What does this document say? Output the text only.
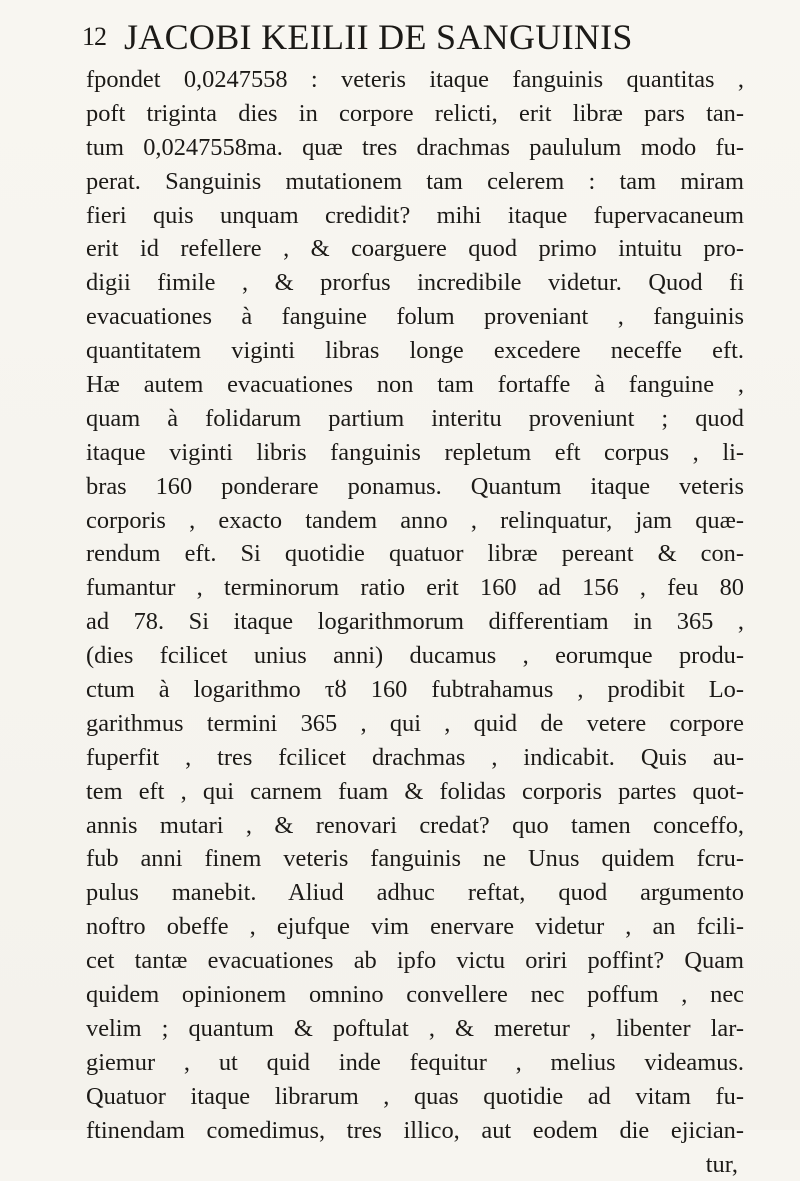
12 JACOBI KEILII DE SANGUINIS
fpondet 0,0247558 : veteris itaque fanguinis quantitas ,
poft triginta dies in corpore relicti, erit libræ pars tan-
tum 0,0247558ma. quæ tres drachmas paululum modo fu-
perat. Sanguinis mutationem tam celerem : tam miram
fieri quis unquam credidit? mihi itaque fupervacaneum
erit id refellere , & coarguere quod primo intuitu pro-
digii fimile , & prorfus incredibile videtur. Quod fi
evacuationes à fanguine folum proveniant , fanguinis
quantitatem viginti libras longe excedere neceffe eft.
Hæ autem evacuationes non tam fortaffe à fanguine ,
quam à folidarum partium interitu proveniunt ; quod
itaque viginti libris fanguinis repletum eft corpus , li-
bras 160 ponderare ponamus. Quantum itaque veteris
corporis , exacto tandem anno , relinquatur, jam quæ-
rendum eft. Si quotidie quatuor libræ pereant & con-
fumantur , terminorum ratio erit 160 ad 156 , feu 80
ad 78. Si itaque logarithmorum differentiam in 365 ,
(dies fcilicet unius anni) ducamus , eorumque produ-
ctum à logarithmo τȣ 160 fubtrahamus , prodibit Lo-
garithmus termini 365 , qui , quid de vetere corpore
fuperfit , tres fcilicet drachmas , indicabit. Quis au-
tem eft , qui carnem fuam & folidas corporis partes quot-
annis mutari , & renovari credat? quo tamen conceffo,
fub anni finem veteris fanguinis ne Unus quidem fcru-
pulus manebit. Aliud adhuc reftat, quod argumento
noftro obeffe , ejufque vim enervare videtur , an fcili-
cet tantæ evacuationes ab ipfo victu oriri poffint? Quam
quidem opinionem omnino convellere nec poffum , nec
velim ; quantum & poftulat , & meretur , libenter lar-
giemur , ut quid inde fequitur , melius videamus.
Quatuor itaque librarum , quas quotidie ad vitam fu-
ftinendam comedimus, tres illico, aut eodem die ejician-
tur,
